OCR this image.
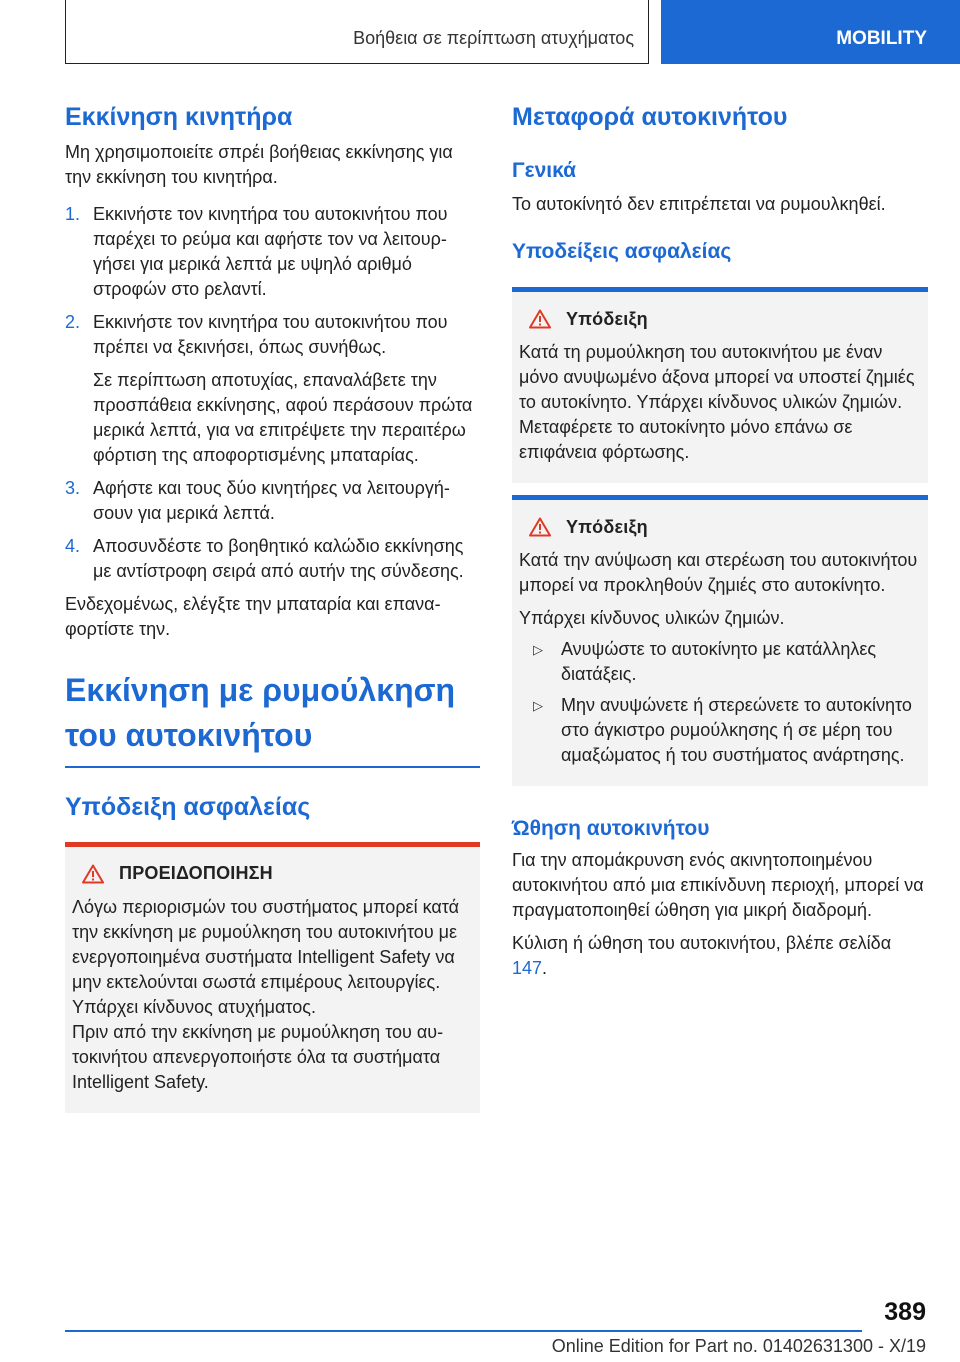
Βοήθεια σε περίπτωση ατυχήματος	MOBILITY
Εκκίνηση κινητήρα

Μη χρησιμοποιείτε σπρέι βοήθειας εκκίνησης για την εκκίνηση του κινητήρα.

1. Εκκινήστε τον κινητήρα του αυτοκινήτου που παρέχει το ρεύμα και αφήστε τον να λειτουργήσει για μερικά λεπτά με υψηλό αριθμό στροφών στο ρελαντί.

2. Εκκινήστε τον κινητήρα του αυτοκινήτου που πρέπει να ξεκινήσει, όπως συνήθως.

Σε περίπτωση αποτυχίας, επαναλάβετε την προσπάθεια εκκίνησης, αφού περάσουν πρώτα μερικά λεπτά, για να επιτρέψετε την περαιτέρω φόρτιση της αποφορτισμένης μπαταρίας.

3. Αφήστε και τους δύο κινητήρες να λειτουργήσουν για μερικά λεπτά.

4. Αποσυνδέστε το βοηθητικό καλώδιο εκκίνησης με αντίστροφη σειρά από αυτήν της σύνδεσης.

Ενδεχομένως, ελέγξτε την μπαταρία και επαναφορτίστε την.

Εκκίνηση με ρυμούλκηση του αυτοκινήτου
Υπόδειξη ασφαλείας
ΠΡΟΕΙΔΟΠΟΙΗΣΗ

Λόγω περιορισμών του συστήματος μπορεί κατά την εκκίνηση με ρυμούλκηση του αυτοκινήτου με ενεργοποιημένα συστήματα Intelligent Safety να μην εκτελούνται σωστά επιμέρους λειτουργίες. Υπάρχει κίνδυνος ατυχήματος.

Πριν από την εκκίνηση με ρυμούλκηση του αυτοκινήτου απενεργοποιήστε όλα τα συστήματα Intelligent Safety.

Μεταφορά αυτοκινήτου
Γενικά

Το αυτοκίνητό δεν επιτρέπεται να ρυμουλκηθεί.

Υποδείξεις ασφαλείας
Υπόδειξη

Κατά τη ρυμούλκηση του αυτοκινήτου με έναν μόνο ανυψωμένο άξονα μπορεί να υποστεί ζημιές το αυτοκίνητο. Υπάρχει κίνδυνος υλικών ζημιών. Μεταφέρετε το αυτοκίνητο μόνο επάνω σε επιφάνεια φόρτωσης.

Υπόδειξη

Κατά την ανύψωση και στερέωση του αυτοκινήτου μπορεί να προκληθούν ζημιές στο αυτοκίνητο.

Υπάρχει κίνδυνος υλικών ζημιών.

▷ Ανυψώστε το αυτοκίνητο με κατάλληλες διατάξεις.
▷ Μην ανυψώνετε ή στερεώνετε το αυτοκίνητο στο άγκιστρο ρυμούλκησης ή σε μέρη του αμαξώματος ή του συστήματος ανάρτησης.
Ώθηση αυτοκινήτου

Για την απομάκρυνση ενός ακινητοποιημένου αυτοκινήτου από μια επικίνδυνη περιοχή, μπορεί να πραγματοποιηθεί ώθηση για μικρή διαδρομή.

Κύλιση ή ώθηση του αυτοκινήτου, βλέπε σελίδα 147.

389
Online Edition for Part no. 01402631300 - X/19
